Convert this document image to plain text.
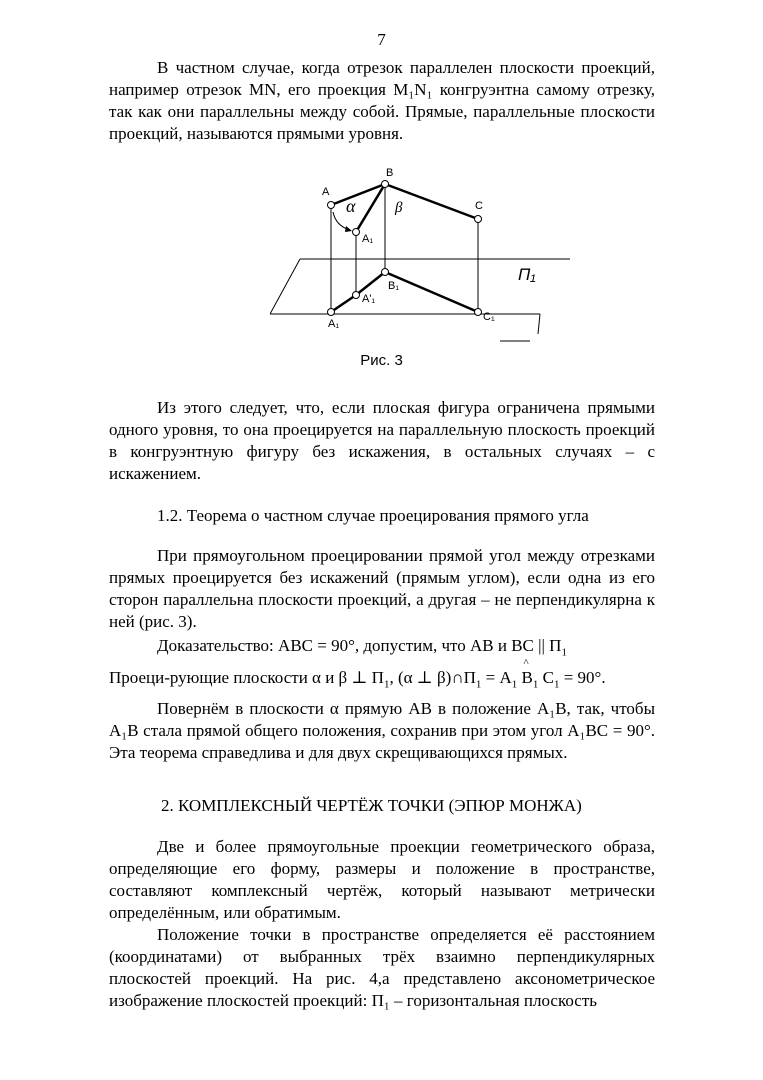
7

В частном случае, когда отрезок параллелен плоскости проекций, например отрезок MN, его проекция M₁N₁ конгруэнтна самому отрезку, так как они параллельны между собой. Прямые, параллельные плоскости проекций, называются прямыми уровня.

A
B
C
A₁
α	β
Π₁
A'₁
B₁
A₁
C₁
Рис. 3

Из этого следует, что, если плоская фигура ограничена прямыми одного уровня, то она проецируется на параллельную плоскость проекций в конгруэнтную фигуру без искажения, в остальных случаях – с искажением.

1.2. Теорема о частном случае проецирования прямого угла

При прямоугольном проецировании прямой угол между отрезками прямых проецируется без искажений (прямым углом), если одна из его сторон параллельна плоскости проекций, а другая – не перпендикулярна к ней (рис. 3).

Доказательство: ABC = 90°, допустим, что AB и BC || $\Pi_1$
Проеци-рующие плоскости α и β ⊥ $\Pi_1$, (α ⊥ $\beta)\cap\Pi_1 = A_1$ ^ $B_1$ $C_1 = 90^\circ$.

Повернём в плоскости α прямую AB в положение A₁B, так, чтобы A₁B стала прямой общего положения, сохранив при этом угол A₁BC = 90°. Эта теорема справедлива и для двух скрещивающихся прямых.

2. КОМПЛЕКСНЫЙ ЧЕРТЁЖ ТОЧКИ (ЭПЮР МОНЖА)

Две и более прямоугольные проекции геометрического образа, определяющие его форму, размеры и положение в пространстве, составляют комплексный чертёж, который называют метрически определённым, или обратимым.

Положение точки в пространстве определяется её расстоянием (координатами) от выбранных трёх взаимно перпендикулярных плоскостей проекций. На рис. 4,а представлено аксонометрическое изображение плоскостей проекций: Π₁ – горизонтальная плоскость
